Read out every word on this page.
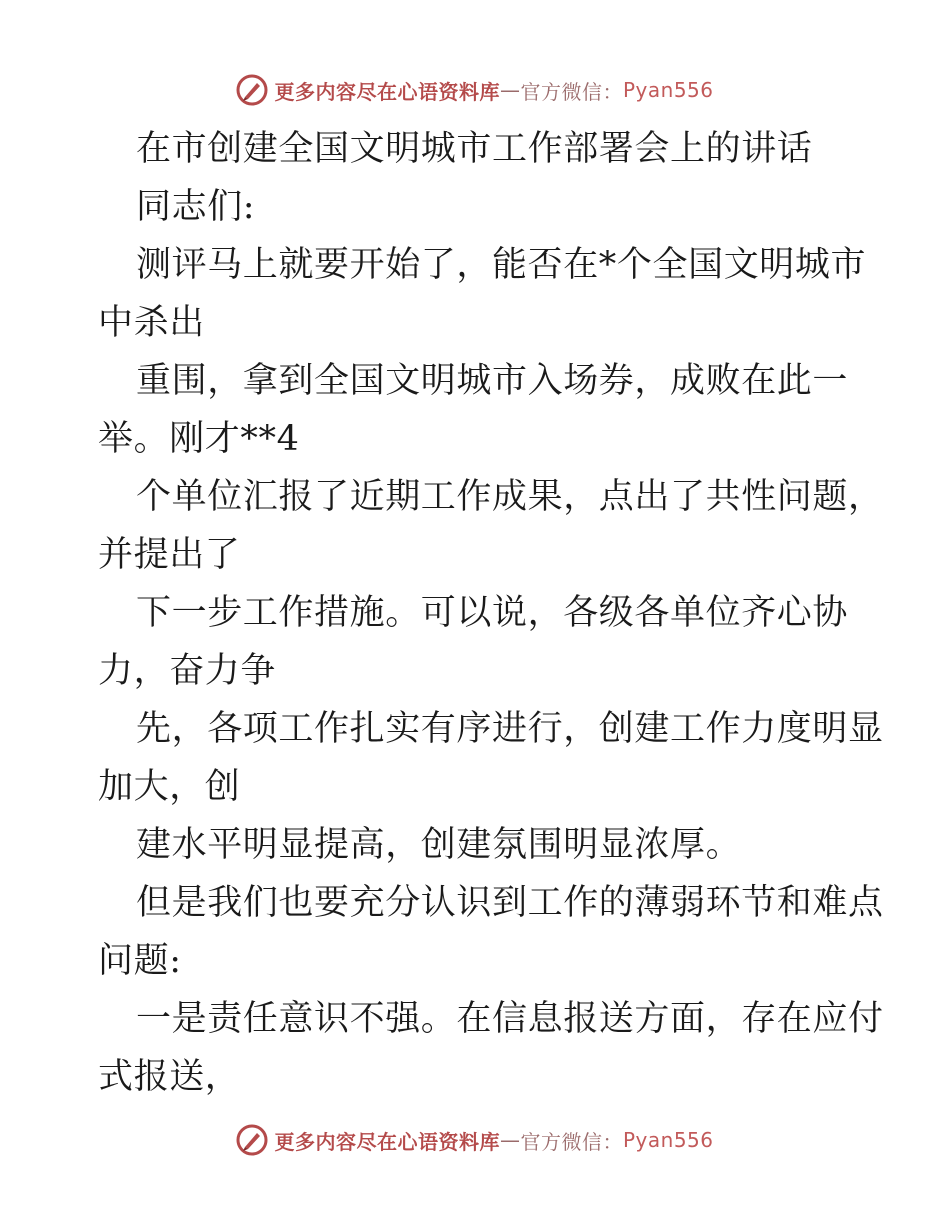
更多内容尽在心语资料库 — 官方微信： Pyan556
在市创建全国文明城市工作部署会上的讲话
同志们:
测评马上就要开始了，能否在*个全国文明城市
中杀出
重围，拿到全国文明城市入场券，成败在此一
举。刚才**4
个单位汇报了近期工作成果，点出了共性问题，
并提出了
下一步工作措施。可以说，各级各单位齐心协
力，奋力争
先，各项工作扎实有序进行，创建工作力度明显
加大，创
建水平明显提高，创建氛围明显浓厚。
但是我们也要充分认识到工作的薄弱环节和难点
问题:
一是责任意识不强。在信息报送方面，存在应付
式报送，
更多内容尽在心语资料库 — 官方微信： Pyan556
